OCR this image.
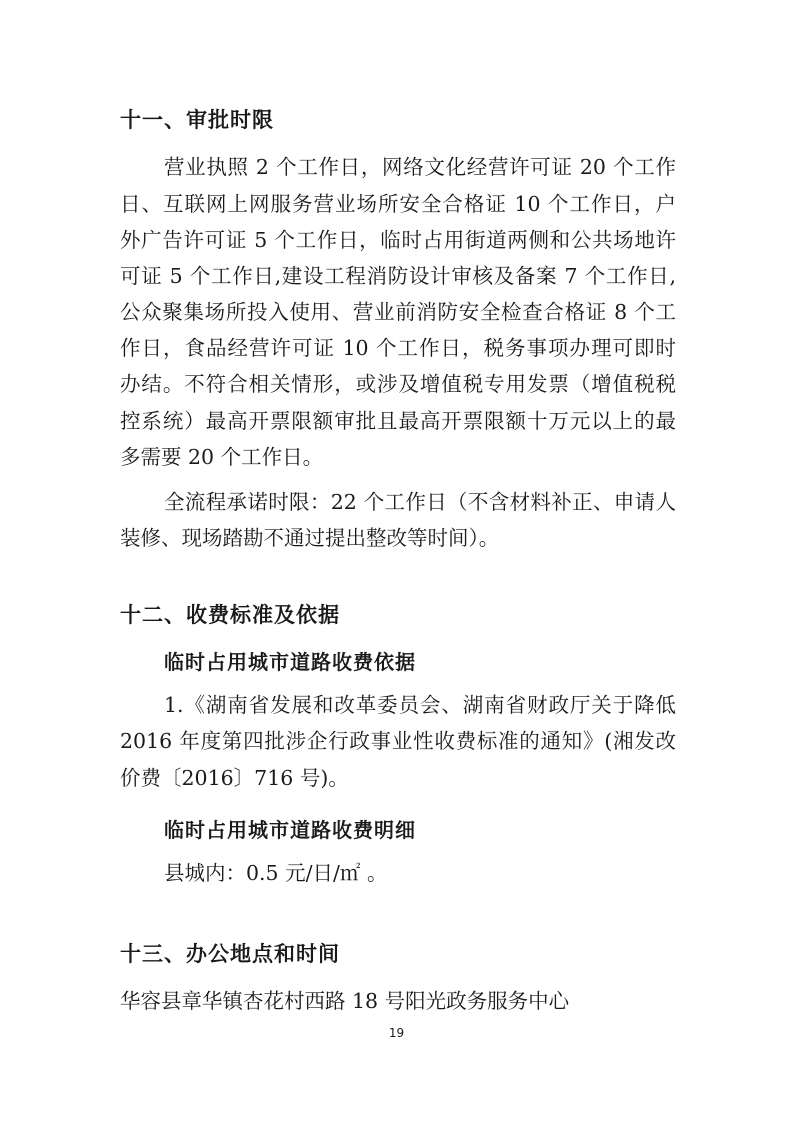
十一、审批时限
营业执照 2 个工作日，网络文化经营许可证 20 个工作
日、互联网上网服务营业场所安全合格证 10 个工作日，户
外广告许可证 5 个工作日，临时占用街道两侧和公共场地许
可证 5 个工作日,建设工程消防设计审核及备案 7 个工作日,
公众聚集场所投入使用、营业前消防安全检查合格证 8 个工
作日，食品经营许可证 10 个工作日，税务事项办理可即时
办结。不符合相关情形，或涉及增值税专用发票（增值税税
控系统）最高开票限额审批且最高开票限额十万元以上的最
多需要 20 个工作日。
全流程承诺时限：22 个工作日（不含材料补正、申请人
装修、现场踏勘不通过提出整改等时间）。
十二、收费标准及依据
临时占用城市道路收费依据
1.《湖南省发展和改革委员会、湖南省财政厅关于降低
2016 年度第四批涉企行政事业性收费标准的通知》(湘发改
价费〔2016〕716 号)。
临时占用城市道路收费明细
县城内：0.5 元/日/㎡ 。
十三、办公地点和时间
华容县章华镇杏花村西路 18 号阳光政务服务中心
19
